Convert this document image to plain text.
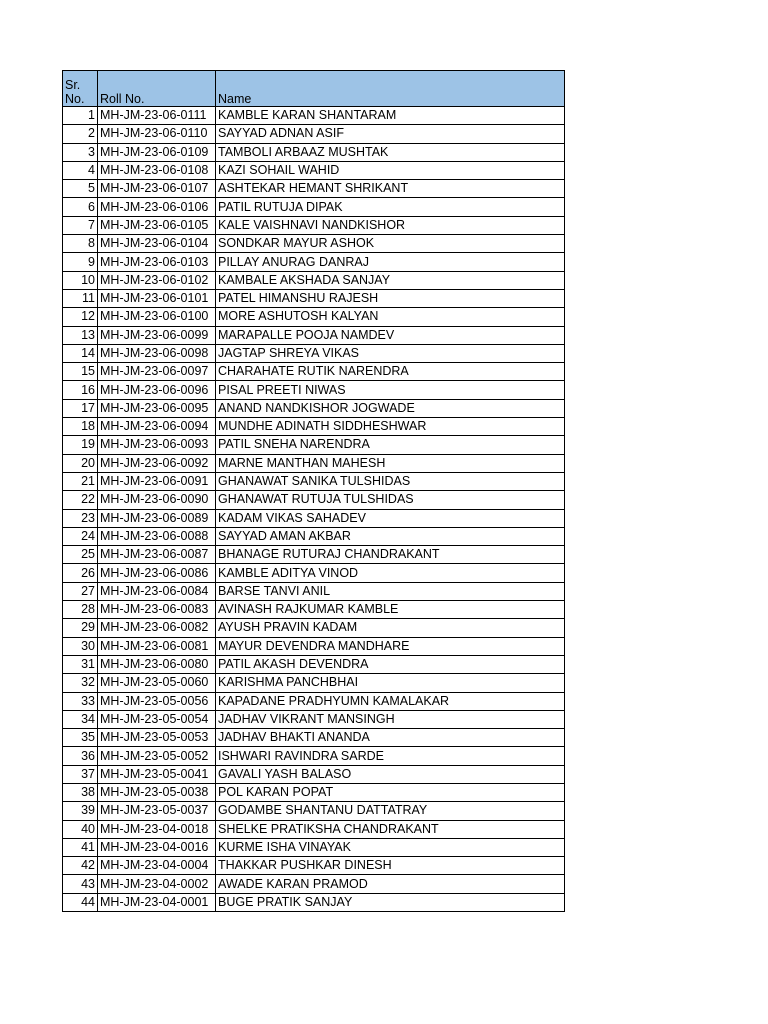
Sr.
No.	Roll No.	Name
1	MH-JM-23-06-0111	KAMBLE KARAN SHANTARAM
2	MH-JM-23-06-0110	SAYYAD ADNAN ASIF
3	MH-JM-23-06-0109	TAMBOLI ARBAAZ MUSHTAK
4	MH-JM-23-06-0108	KAZI SOHAIL WAHID
5	MH-JM-23-06-0107	ASHTEKAR HEMANT SHRIKANT
6	MH-JM-23-06-0106	PATIL RUTUJA DIPAK
7	MH-JM-23-06-0105	KALE VAISHNAVI NANDKISHOR
8	MH-JM-23-06-0104	SONDKAR MAYUR ASHOK
9	MH-JM-23-06-0103	PILLAY ANURAG DANRAJ
10	MH-JM-23-06-0102	KAMBALE AKSHADA SANJAY
11	MH-JM-23-06-0101	PATEL HIMANSHU RAJESH
12	MH-JM-23-06-0100	MORE ASHUTOSH KALYAN
13	MH-JM-23-06-0099	MARAPALLE POOJA NAMDEV
14	MH-JM-23-06-0098	JAGTAP SHREYA VIKAS
15	MH-JM-23-06-0097	CHARAHATE RUTIK NARENDRA
16	MH-JM-23-06-0096	PISAL PREETI NIWAS
17	MH-JM-23-06-0095	ANAND NANDKISHOR JOGWADE
18	MH-JM-23-06-0094	MUNDHE ADINATH SIDDHESHWAR
19	MH-JM-23-06-0093	PATIL SNEHA NARENDRA
20	MH-JM-23-06-0092	MARNE MANTHAN MAHESH
21	MH-JM-23-06-0091	GHANAWAT SANIKA TULSHIDAS
22	MH-JM-23-06-0090	GHANAWAT RUTUJA TULSHIDAS
23	MH-JM-23-06-0089	KADAM VIKAS SAHADEV
24	MH-JM-23-06-0088	SAYYAD AMAN AKBAR
25	MH-JM-23-06-0087	BHANAGE RUTURAJ CHANDRAKANT
26	MH-JM-23-06-0086	KAMBLE ADITYA VINOD
27	MH-JM-23-06-0084	BARSE TANVI ANIL
28	MH-JM-23-06-0083	AVINASH RAJKUMAR KAMBLE
29	MH-JM-23-06-0082	AYUSH PRAVIN KADAM
30	MH-JM-23-06-0081	MAYUR DEVENDRA MANDHARE
31	MH-JM-23-06-0080	PATIL AKASH DEVENDRA
32	MH-JM-23-05-0060	KARISHMA PANCHBHAI
33	MH-JM-23-05-0056	KAPADANE PRADHYUMN KAMALAKAR
34	MH-JM-23-05-0054	JADHAV VIKRANT MANSINGH
35	MH-JM-23-05-0053	JADHAV BHAKTI ANANDA
36	MH-JM-23-05-0052	ISHWARI RAVINDRA SARDE
37	MH-JM-23-05-0041	GAVALI YASH BALASO
38	MH-JM-23-05-0038	POL KARAN POPAT
39	MH-JM-23-05-0037	GODAMBE SHANTANU DATTATRAY
40	MH-JM-23-04-0018	SHELKE PRATIKSHA CHANDRAKANT
41	MH-JM-23-04-0016	KURME ISHA VINAYAK
42	MH-JM-23-04-0004	THAKKAR PUSHKAR DINESH
43	MH-JM-23-04-0002	AWADE KARAN PRAMOD
44	MH-JM-23-04-0001	BUGE PRATIK SANJAY
